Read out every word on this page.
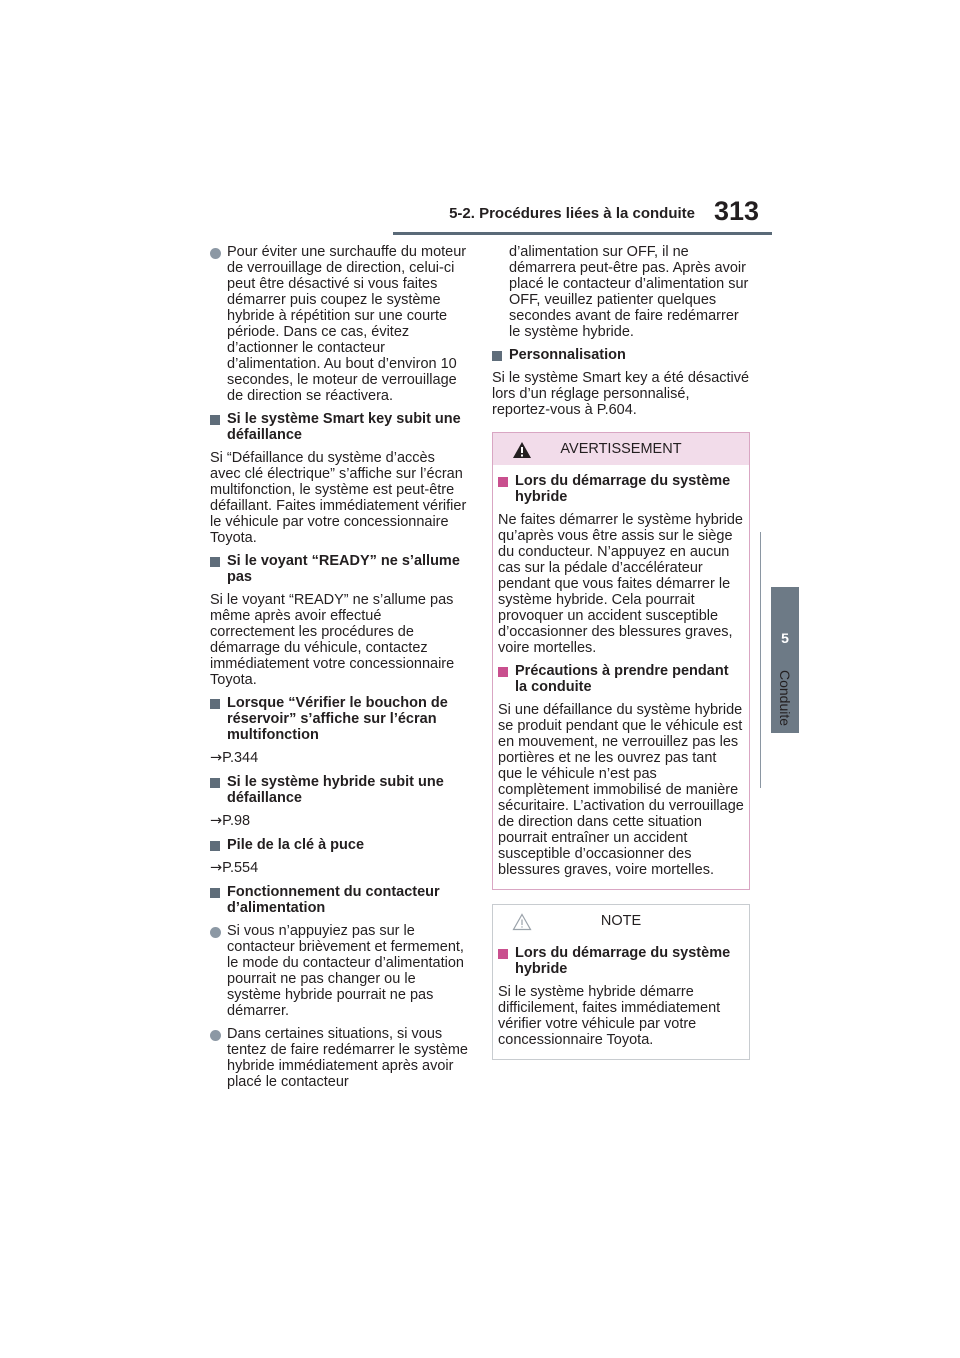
5-2. Procédures liées à la conduite 313
5
Conduite
Pour éviter une surchauffe du moteur de verrouillage de direction, celui-ci peut être désactivé si vous faites démarrer puis coupez le système hybride à répétition sur une courte période. Dans ce cas, évitez d’actionner le contacteur d’alimentation. Au bout d’environ 10 secondes, le moteur de verrouillage de direction se réactivera.
Si le système Smart key subit une défaillance

Si “Défaillance du système d’accès avec clé électrique” s’affiche sur l’écran multifonction, le système est peut-être défaillant. Faites immédiatement vérifier le véhicule par votre concessionnaire Toyota.

Si le voyant “READY” ne s’allume pas

Si le voyant “READY” ne s’allume pas même après avoir effectué correctement les procédures de démarrage du véhicule, contactez immédiatement votre concessionnaire Toyota.

Lorsque “Vérifier le bouchon de réservoir” s’affiche sur l’écran multifonction
→P.344
Si le système hybride subit une défaillance
→P.98
Pile de la clé à puce
→P.554
Fonctionnement du contacteur d’alimentation
Si vous n’appuyiez pas sur le contacteur brièvement et fermement, le mode du contacteur d’alimentation pourrait ne pas changer ou le système hybride pourrait ne pas démarrer.
Dans certaines situations, si vous tentez de faire redémarrer le système hybride immédiatement après avoir placé le contacteur

d’alimentation sur OFF, il ne démarrera peut-être pas. Après avoir placé le contacteur d’alimentation sur OFF, veuillez patienter quelques secondes avant de faire redémarrer le système hybride.

Personnalisation

Si le système Smart key a été désactivé lors d’un réglage personnalisé, reportez-vous à P.604.

AVERTISSEMENT
Lors du démarrage du système hybride

Ne faites démarrer le système hybride qu’après vous être assis sur le siège du conducteur. N’appuyez en aucun cas sur la pédale d’accélérateur pendant que vous faites démarrer le système hybride. Cela pourrait provoquer un accident susceptible d’occasionner des blessures graves, voire mortelles.

Précautions à prendre pendant la conduite

Si une défaillance du système hybride se produit pendant que le véhicule est en mouvement, ne verrouillez pas les portières et ne les ouvrez pas tant que le véhicule n’est pas complètement immobilisé de manière sécuritaire. L’activation du verrouillage de direction dans cette situation pourrait entraîner un accident susceptible d’occasionner des blessures graves, voire mortelles.

NOTE
Lors du démarrage du système hybride

Si le système hybride démarre difficilement, faites immédiatement vérifier votre véhicule par votre concessionnaire Toyota.
